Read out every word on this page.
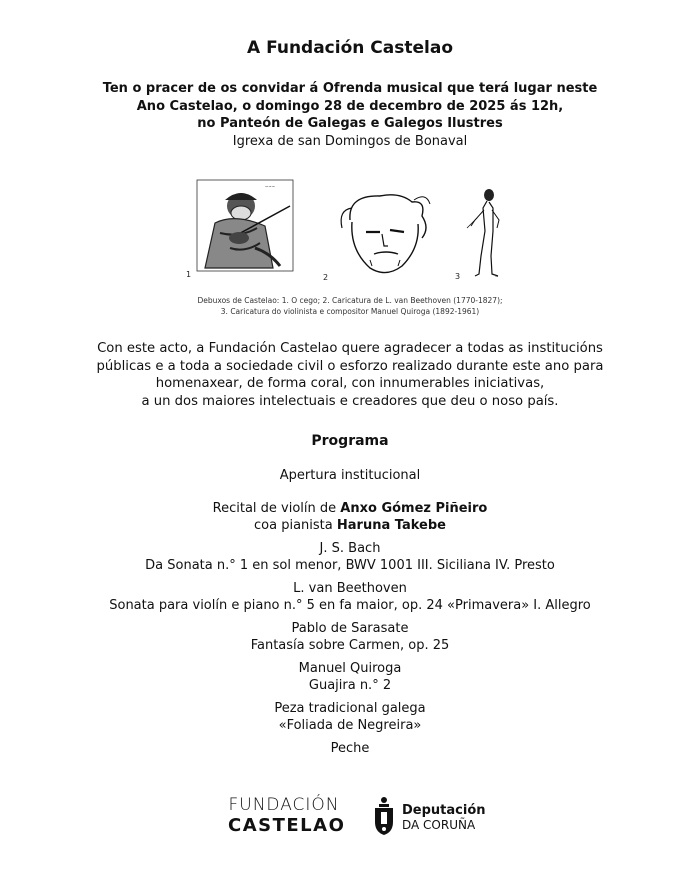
A Fundación Castelao
Ten o pracer de os convidar á Ofrenda musical que terá lugar neste
Ano Castelao, o domingo 28 de decembro de 2025 ás 12h,
no Panteón de Galegas e Galegos Ilustres
Igrexa de san Domingos de Bonaval
~~~
1	2	~
3
Debuxos de Castelao: 1. O cego; 2. Caricatura de L. van Beethoven (1770-1827);
3. Caricatura do violinista e compositor Manuel Quiroga (1892-1961)
Con este acto, a Fundación Castelao quere agradecer a todas as institucións
públicas e a toda a sociedade civil o esforzo realizado durante este ano para
homenaxear, de forma coral, con innumerables iniciativas,
a un dos maiores intelectuais e creadores que deu o noso país.
Programa
Apertura institucional
Recital de violín de Anxo Gómez Piñeiro
coa pianista Haruna Takebe
J. S. Bach
Da Sonata n.° 1 en sol menor, BWV 1001 III. Siciliana IV. Presto
L. van Beethoven
Sonata para violín e piano n.° 5 en fa maior, op. 24 «Primavera» I. Allegro
Pablo de Sarasate
Fantasía sobre Carmen, op. 25
Manuel Quiroga
Guajira n.° 2
Peza tradicional galega
«Foliada de Negreira»
Peche
FUNDACIÓN
CASTELAO
Deputación
DA CORUÑA
